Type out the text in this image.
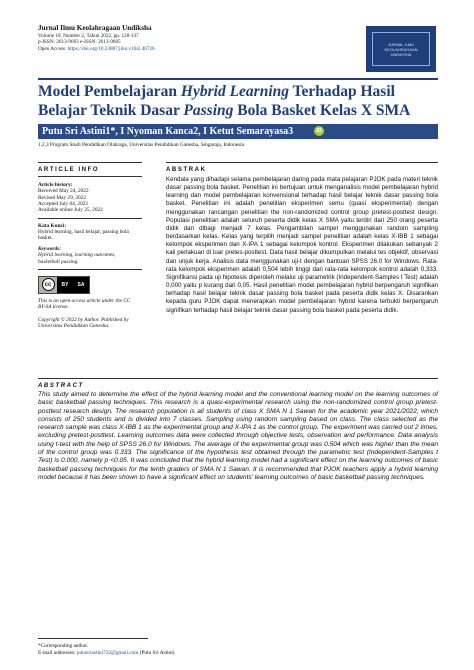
Jurnal Ilmu Keolahragaan Undiksha
Volume 10, Number 2, Tahun 2022, pp. 128-137
p-ISSN: 2613-9693 e-ISSN: 2613-9685
Open Access: https://doi.org/10.23887/jiku.v10i2.46726
JURNAL ILMU
KEOLAHRAGAAN
UNDIKSHA
Model Pembelajaran Hybrid Learning Terhadap Hasil Belajar Teknik Dasar Passing Bola Basket Kelas X SMA
Putu Sri Astini1*, I Nyoman Kanca2, I Ketut Semarayasa3	iD
1,2,3 Program Studi Pendidikan Olahraga, Universitas Pendidikan Ganesha, Singaraja, Indonesia
ARTICLE INFO
Article history:
Received May 24, 2022
Revised May 29, 2022
Accepted July 04, 2022
Available online July 25, 2022
Kata Kunci:
Hybrid learning, hasil belajar, passing bola basket.
Keywords:
Hybrid learning, learning outcomes, basketball passing.
cc	BY SA
This is an open access article under the CC BY-SA license.
Copyright © 2022 by Author. Published by Universitas Pendidikan Ganesha.
ABSTRAK
Kendala yang dihadapi selama pembelajaran daring pada mata pelajaran PJOK pada materi teknik dasar passing bola basket. Penelitian ini bertujuan untuk menganalisis model pembelajaran hybrid learning dan model pembelajaran konvensional terhadap hasil belajar teknik dasar passing bola basket. Penelitian ini adalah penelitian eksperimen semu (quasi eksperimental) dengan menggunakan rancangan penelitian the non-randomized control group pretest-posttest design. Populasi penelitian adalah seluruh peserta didik kelas X SMA yaitu terdiri dari 250 orang peserta didik dan dibagi menjadi 7 kelas. Pengambilan sampel menggunakan random sampling berdasarkan kelas. Kelas yang terpilih menjadi sampel penelitian adalah kelas X-IBB 1 sebagai kelompok eksperimen dan X-IPA 1 sebagai kelompok kontrol. Eksperimen dilakukan sebanyak 2 kali perlakuan di luar pretes-posttest. Data hasil belajar dikumpulkan melalui tes objektif, observasi dan unjuk kerja. Analisis data menggunakan uji-t dengan bantuan SPSS 26.0 for Windows. Rata-rata kelompok eksperimen adalah 0,504 lebih tinggi dari rata-rata kelompok kontrol adalah 0,333. Signifikansi pada uji hipotesis diperoleh melalui uji parametrik (Independent-Samples t Test) adalah 0,000 yaitu p kurang dari 0,05. Hasil penelitian model pembelajaran hybrid berpengaruh signifikan terhadap hasil belajar teknik dasar passing bola basket pada peserta didik kelas X. Disarankan kepada guru PJOK dapat menerapkan model pembelajaran hybrid karena terbukti berpengaruh signifikan terhadap hasil belajar teknik dasar passing bola basket pada peserta didik.
ABSTRACT
This study aimed to determine the effect of the hybrid learning model and the conventional learning model on the learning outcomes of basic basketball passing techniques. This research is a quasi-experimental research using the non-randomized control group pretest-posttest research design. The research population is all students of class X SMA N 1 Sawan for the academic year 2021/2022, which consists of 250 students and is divided into 7 classes. Sampling using random sampling based on class. The class selected as the research sample was class X-IBB 1 as the experimental group and X-IPA 1 as the control group. The experiment was carried out 2 times, excluding pretest-posttest. Learning outcomes data were collected through objective tests, observation and performance. Data analysis using t-test with the help of SPSS 26.0 for Windows. The average of the experimental group was 0.504 which was higher than the mean of the control group was 0.333. The significance of the hypothesis test obtained through the parametric test (Independent-Samples t Test) is 0.000, namely p <0.05. It was concluded that the hybrid learning model had a significant effect on the learning outcomes of basic basketball passing techniques for the tenth graders of SMA N 1 Sawan. It is recommended that PJOK teachers apply a hybrid learning model because it has been shown to have a significant effect on students' learning outcomes of basic basketball passing techniques.
*Corresponding author.
E-mail addresses: putusriastini732@gmail.com (Putu Sri Astini)
